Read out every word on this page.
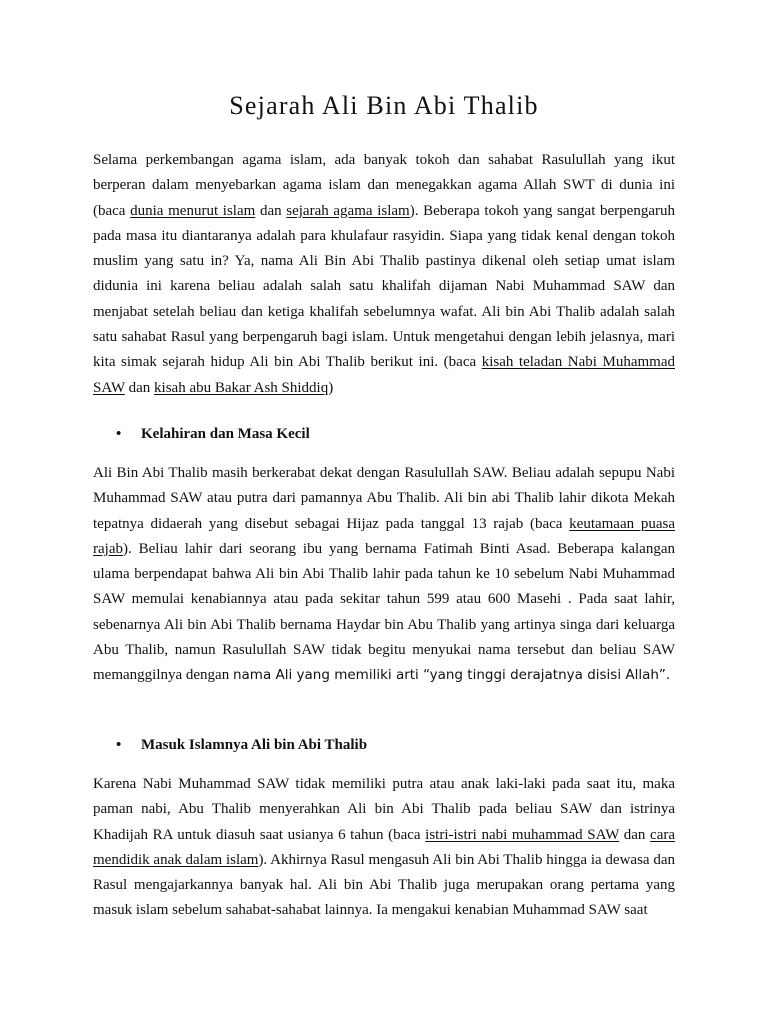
Sejarah Ali Bin Abi Thalib

Selama perkembangan agama islam, ada banyak tokoh dan sahabat Rasulullah yang ikut berperan dalam menyebarkan agama islam dan menegakkan agama Allah SWT di dunia ini (baca dunia menurut islam dan sejarah agama islam). Beberapa tokoh yang sangat berpengaruh pada masa itu diantaranya adalah para khulafaur rasyidin. Siapa yang tidak kenal dengan tokoh muslim yang satu in? Ya, nama Ali Bin Abi Thalib pastinya dikenal oleh setiap umat islam didunia ini karena beliau adalah salah satu khalifah dijaman Nabi Muhammad SAW dan menjabat setelah beliau dan ketiga khalifah sebelumnya wafat. Ali bin Abi Thalib adalah salah satu sahabat Rasul yang berpengaruh bagi islam. Untuk mengetahui dengan lebih jelasnya, mari kita simak sejarah hidup Ali bin Abi Thalib berikut ini. (baca kisah teladan Nabi Muhammad SAW dan kisah abu Bakar Ash Shiddiq)

• Kelahiran dan Masa Kecil

Ali Bin Abi Thalib masih berkerabat dekat dengan Rasulullah SAW. Beliau adalah sepupu Nabi Muhammad SAW atau putra dari pamannya Abu Thalib. Ali bin abi Thalib lahir dikota Mekah tepatnya didaerah yang disebut sebagai Hijaz pada tanggal 13 rajab (baca keutamaan puasa rajab). Beliau lahir dari seorang ibu yang bernama Fatimah Binti Asad. Beberapa kalangan ulama berpendapat bahwa Ali bin Abi Thalib lahir pada tahun ke 10 sebelum Nabi Muhammad SAW memulai kenabiannya atau pada sekitar tahun 599 atau 600 Masehi . Pada saat lahir, sebenarnya Ali bin Abi Thalib bernama Haydar bin Abu Thalib yang artinya singa dari keluarga Abu Thalib, namun Rasulullah SAW tidak begitu menyukai nama tersebut dan beliau SAW memanggilnya dengan nama Ali yang memiliki arti “yang tinggi derajatnya disisi Allah”.

• Masuk Islamnya Ali bin Abi Thalib

Karena Nabi Muhammad SAW tidak memiliki putra atau anak laki-laki pada saat itu, maka paman nabi, Abu Thalib menyerahkan Ali bin Abi Thalib pada beliau SAW dan istrinya Khadijah RA untuk diasuh saat usianya 6 tahun (baca istri-istri nabi muhammad SAW dan cara mendidik anak dalam islam). Akhirnya Rasul mengasuh Ali bin Abi Thalib hingga ia dewasa dan Rasul mengajarkannya banyak hal. Ali bin Abi Thalib juga merupakan orang pertama yang masuk islam sebelum sahabat-sahabat lainnya. Ia mengakui kenabian Muhammad SAW saat
